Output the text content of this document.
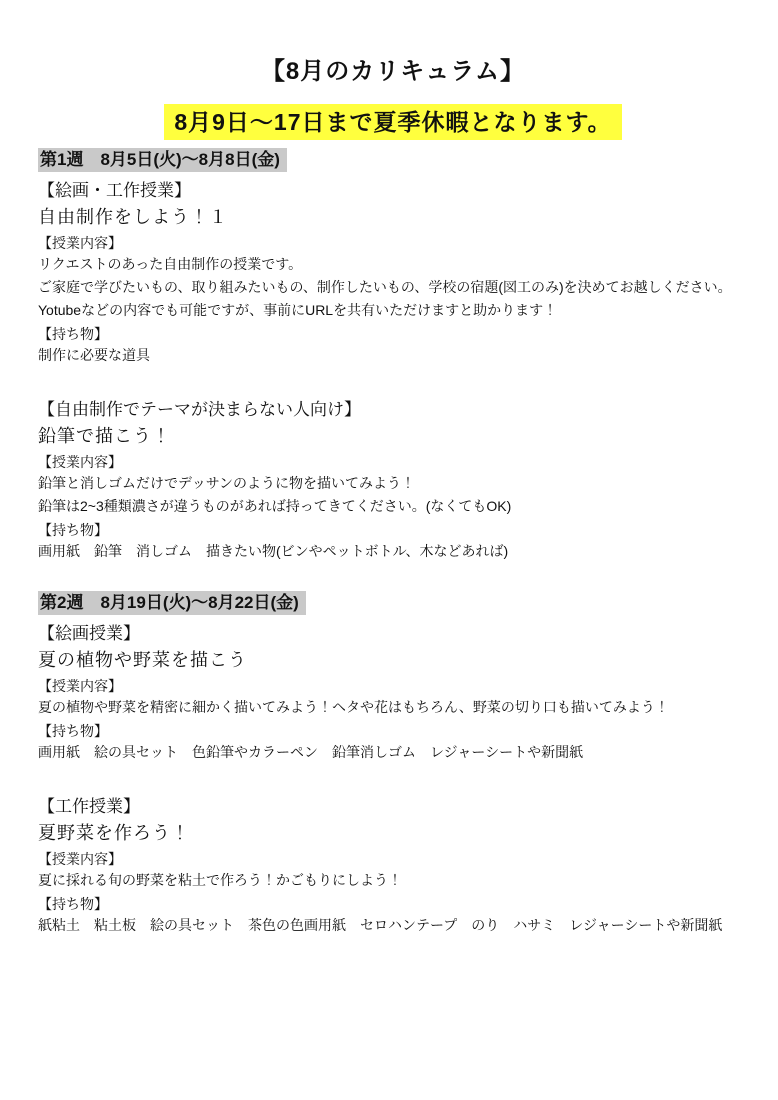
【8月のカリキュラム】
8月9日〜17日まで夏季休暇となります。
第1週　8月5日(火)〜8月8日(金)
【絵画・工作授業】
自由制作をしよう！１
【授業内容】

リクエストのあった自由制作の授業です。

ご家庭で学びたいもの、取り組みたいもの、制作したいもの、学校の宿題(図工のみ)を決めてお越しください。

Yotubeなどの内容でも可能ですが、事前にURLを共有いただけますと助かります！

【持ち物】

制作に必要な道具

【自由制作でテーマが決まらない人向け】
鉛筆で描こう！
【授業内容】

鉛筆と消しゴムだけでデッサンのように物を描いてみよう！

鉛筆は2~3種類濃さが違うものがあれば持ってきてください。(なくてもOK)

【持ち物】

画用紙　鉛筆　消しゴム　描きたい物(ビンやペットボトル、木などあれば)

第2週　8月19日(火)〜8月22日(金)
【絵画授業】
夏の植物や野菜を描こう
【授業内容】

夏の植物や野菜を精密に細かく描いてみよう！ヘタや花はもちろん、野菜の切り口も描いてみよう！

【持ち物】

画用紙　絵の具セット　色鉛筆やカラーペン　鉛筆消しゴム　レジャーシートや新聞紙

【工作授業】
夏野菜を作ろう！
【授業内容】

夏に採れる旬の野菜を粘土で作ろう！かごもりにしよう！

【持ち物】

紙粘土　粘土板　絵の具セット　茶色の色画用紙　セロハンテープ　のり　ハサミ　レジャーシートや新聞紙
